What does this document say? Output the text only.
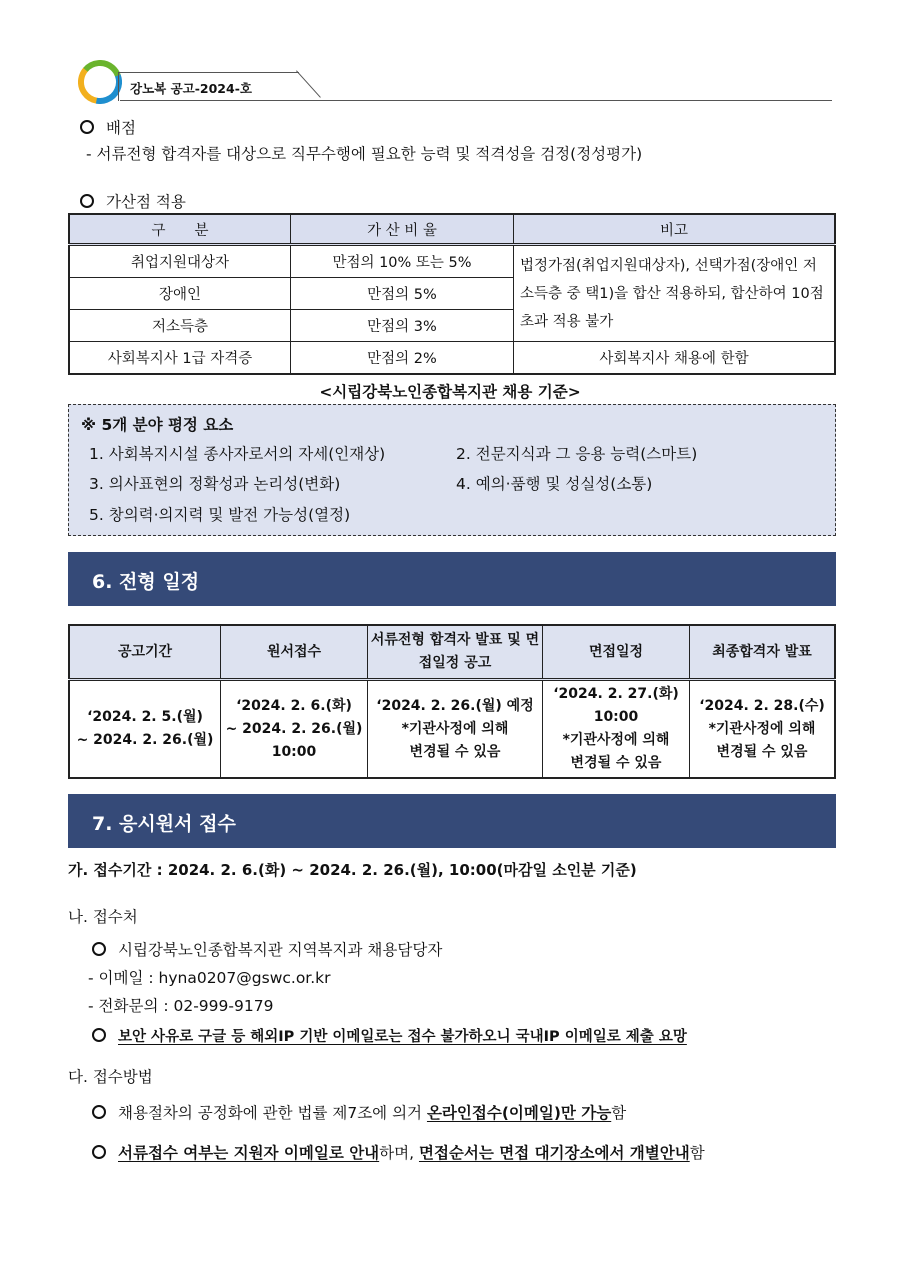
강노복 공고-2024-호
배점
- 서류전형 합격자를 대상으로 직무수행에 필요한 능력 및 적격성을 검정(정성평가)
가산점 적용
구　　분	가 산 비 율	비고
취업지원대상자	만점의 10% 또는 5%	법정가점(취업지원대상자), 선택가점(장애인 저소득층 중 택1)을 합산 적용하되, 합산하여 10점 초과 적용 불가
장애인	만점의 5%	
저소득층	만점의 3%	
사회복지사 1급 자격증	만점의 2%	사회복지사 채용에 한함
<시립강북노인종합복지관 채용 기준>
※ 5개 분야 평정 요소
1. 사회복지시설 종사자로서의 자세(인재상)	2. 전문지식과 그 응용 능력(스마트)
3. 의사표현의 정확성과 논리성(변화)	4. 예의·품행 및 성실성(소통)
5. 창의력·의지력 및 발전 가능성(열정)
6. 전형 일정
공고기간	원서접수	서류전형 합격자 발표 및 면접일정 공고	면접일정	최종합격자 발표
‘2024. 2. 5.(월)
~ 2024. 2. 26.(월)	‘2024. 2. 6.(화)
~ 2024. 2. 26.(월)
10:00	‘2024. 2. 26.(월) 예정
*기관사정에 의해
변경될 수 있음	‘2024. 2. 27.(화)
10:00
*기관사정에 의해
변경될 수 있음	‘2024. 2. 28.(수)
*기관사정에 의해
변경될 수 있음
7. 응시원서 접수
가. 접수기간 : 2024. 2. 6.(화) ~ 2024. 2. 26.(월), 10:00(마감일 소인분 기준)
나. 접수처
시립강북노인종합복지관 지역복지과 채용담당자
- 이메일 : hyna0207@gswc.or.kr
- 전화문의 : 02-999-9179
보안 사유로 구글 등 해외IP 기반 이메일로는 접수 불가하오니 국내IP 이메일로 제출 요망
다. 접수방법
채용절차의 공정화에 관한 법률 제7조에 의거 온라인접수(이메일)만 가능함
서류접수 여부는 지원자 이메일로 안내하며, 면접순서는 면접 대기장소에서 개별안내함
